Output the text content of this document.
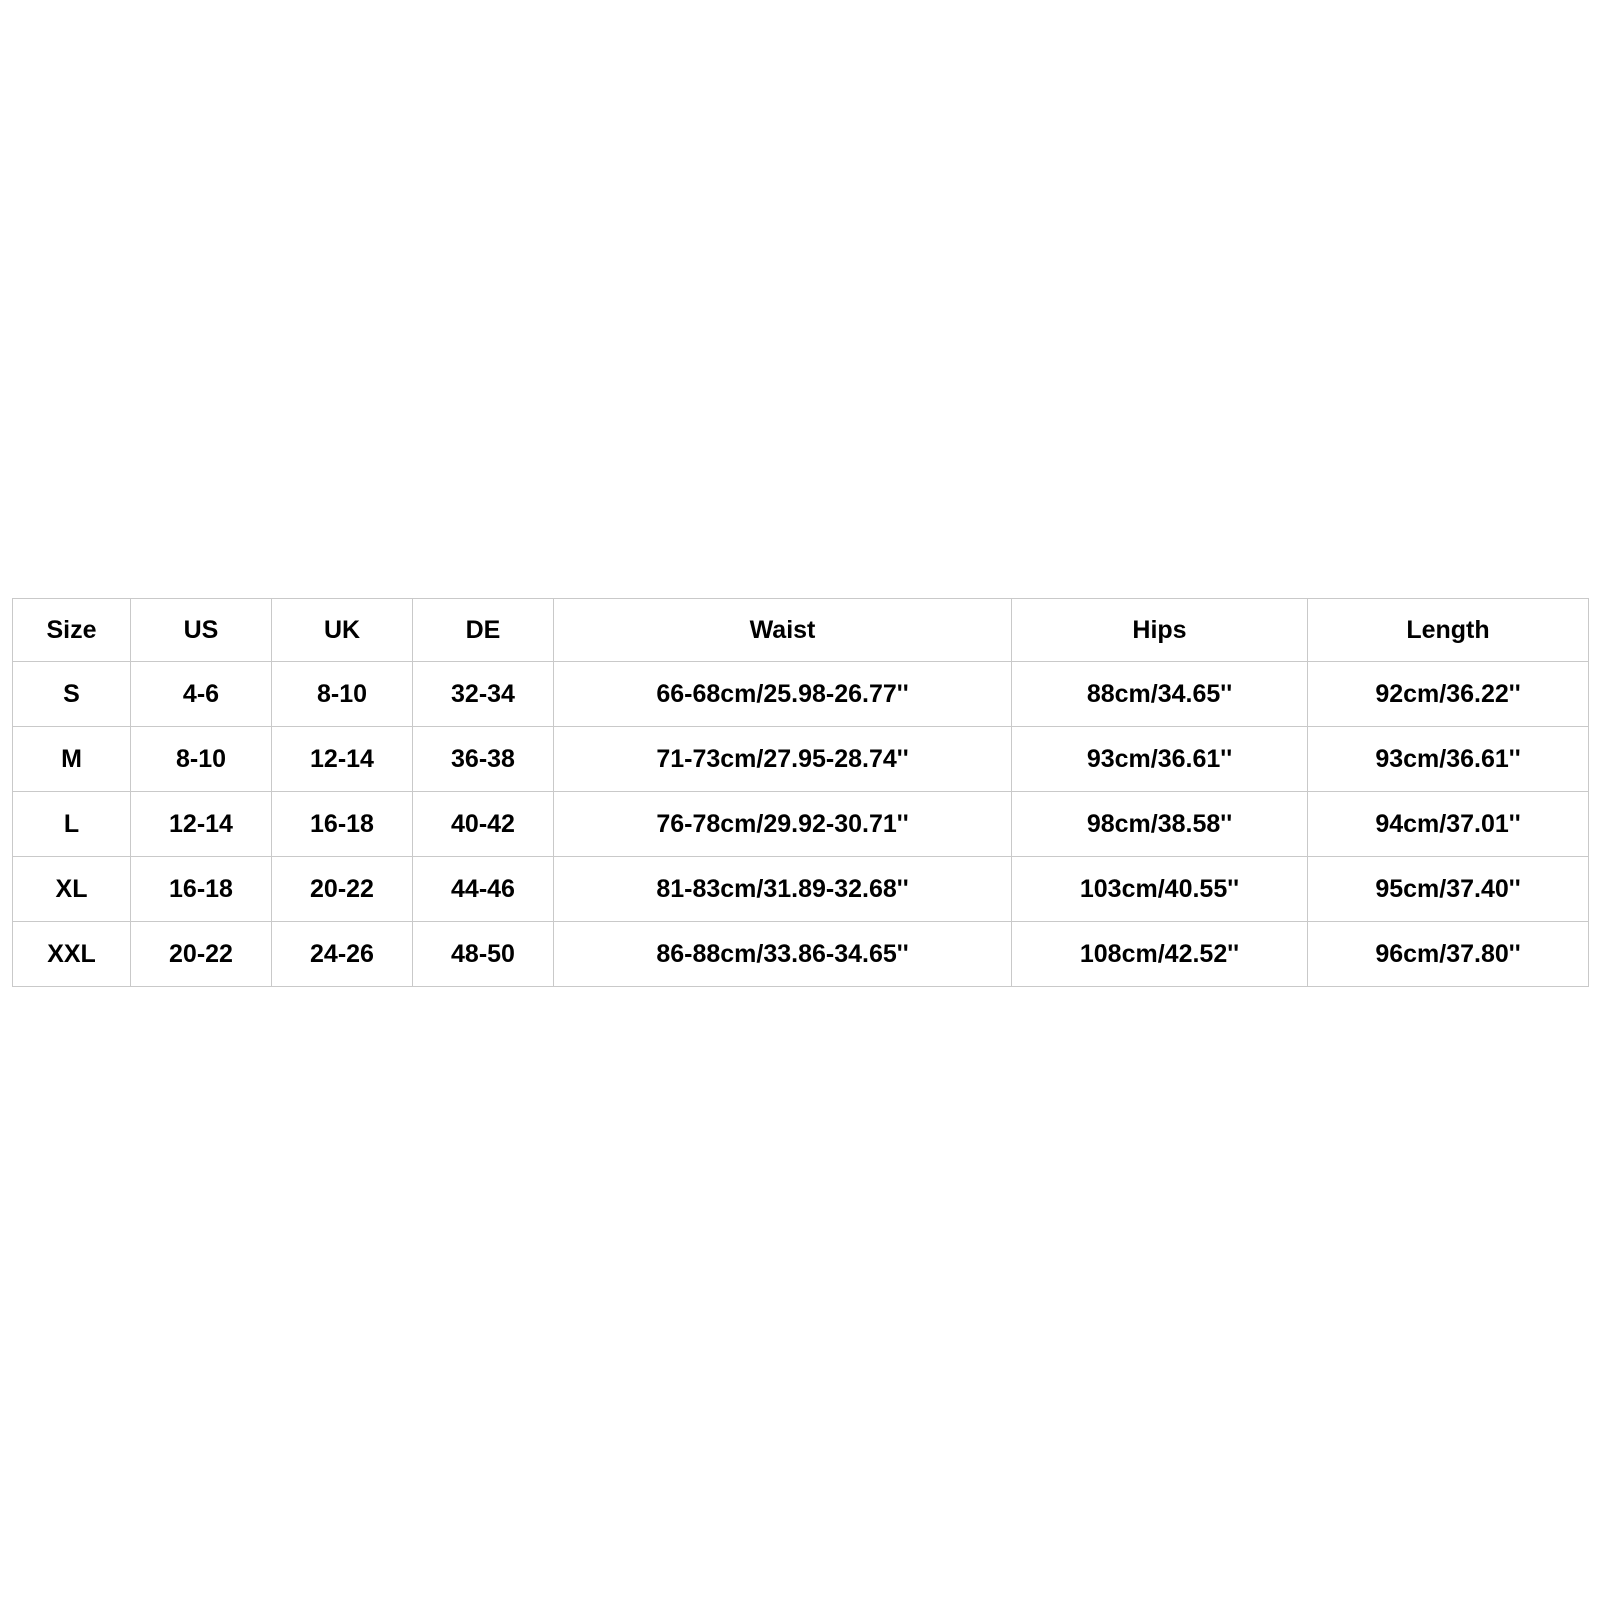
Size	US	UK	DE	Waist	Hips	Length
S	4-6	8-10	32-34	66-68cm/25.98-26.77''	88cm/34.65''	92cm/36.22''
M	8-10	12-14	36-38	71-73cm/27.95-28.74''	93cm/36.61''	93cm/36.61''
L	12-14	16-18	40-42	76-78cm/29.92-30.71''	98cm/38.58''	94cm/37.01''
XL	16-18	20-22	44-46	81-83cm/31.89-32.68''	103cm/40.55''	95cm/37.40''
XXL	20-22	24-26	48-50	86-88cm/33.86-34.65''	108cm/42.52''	96cm/37.80''
